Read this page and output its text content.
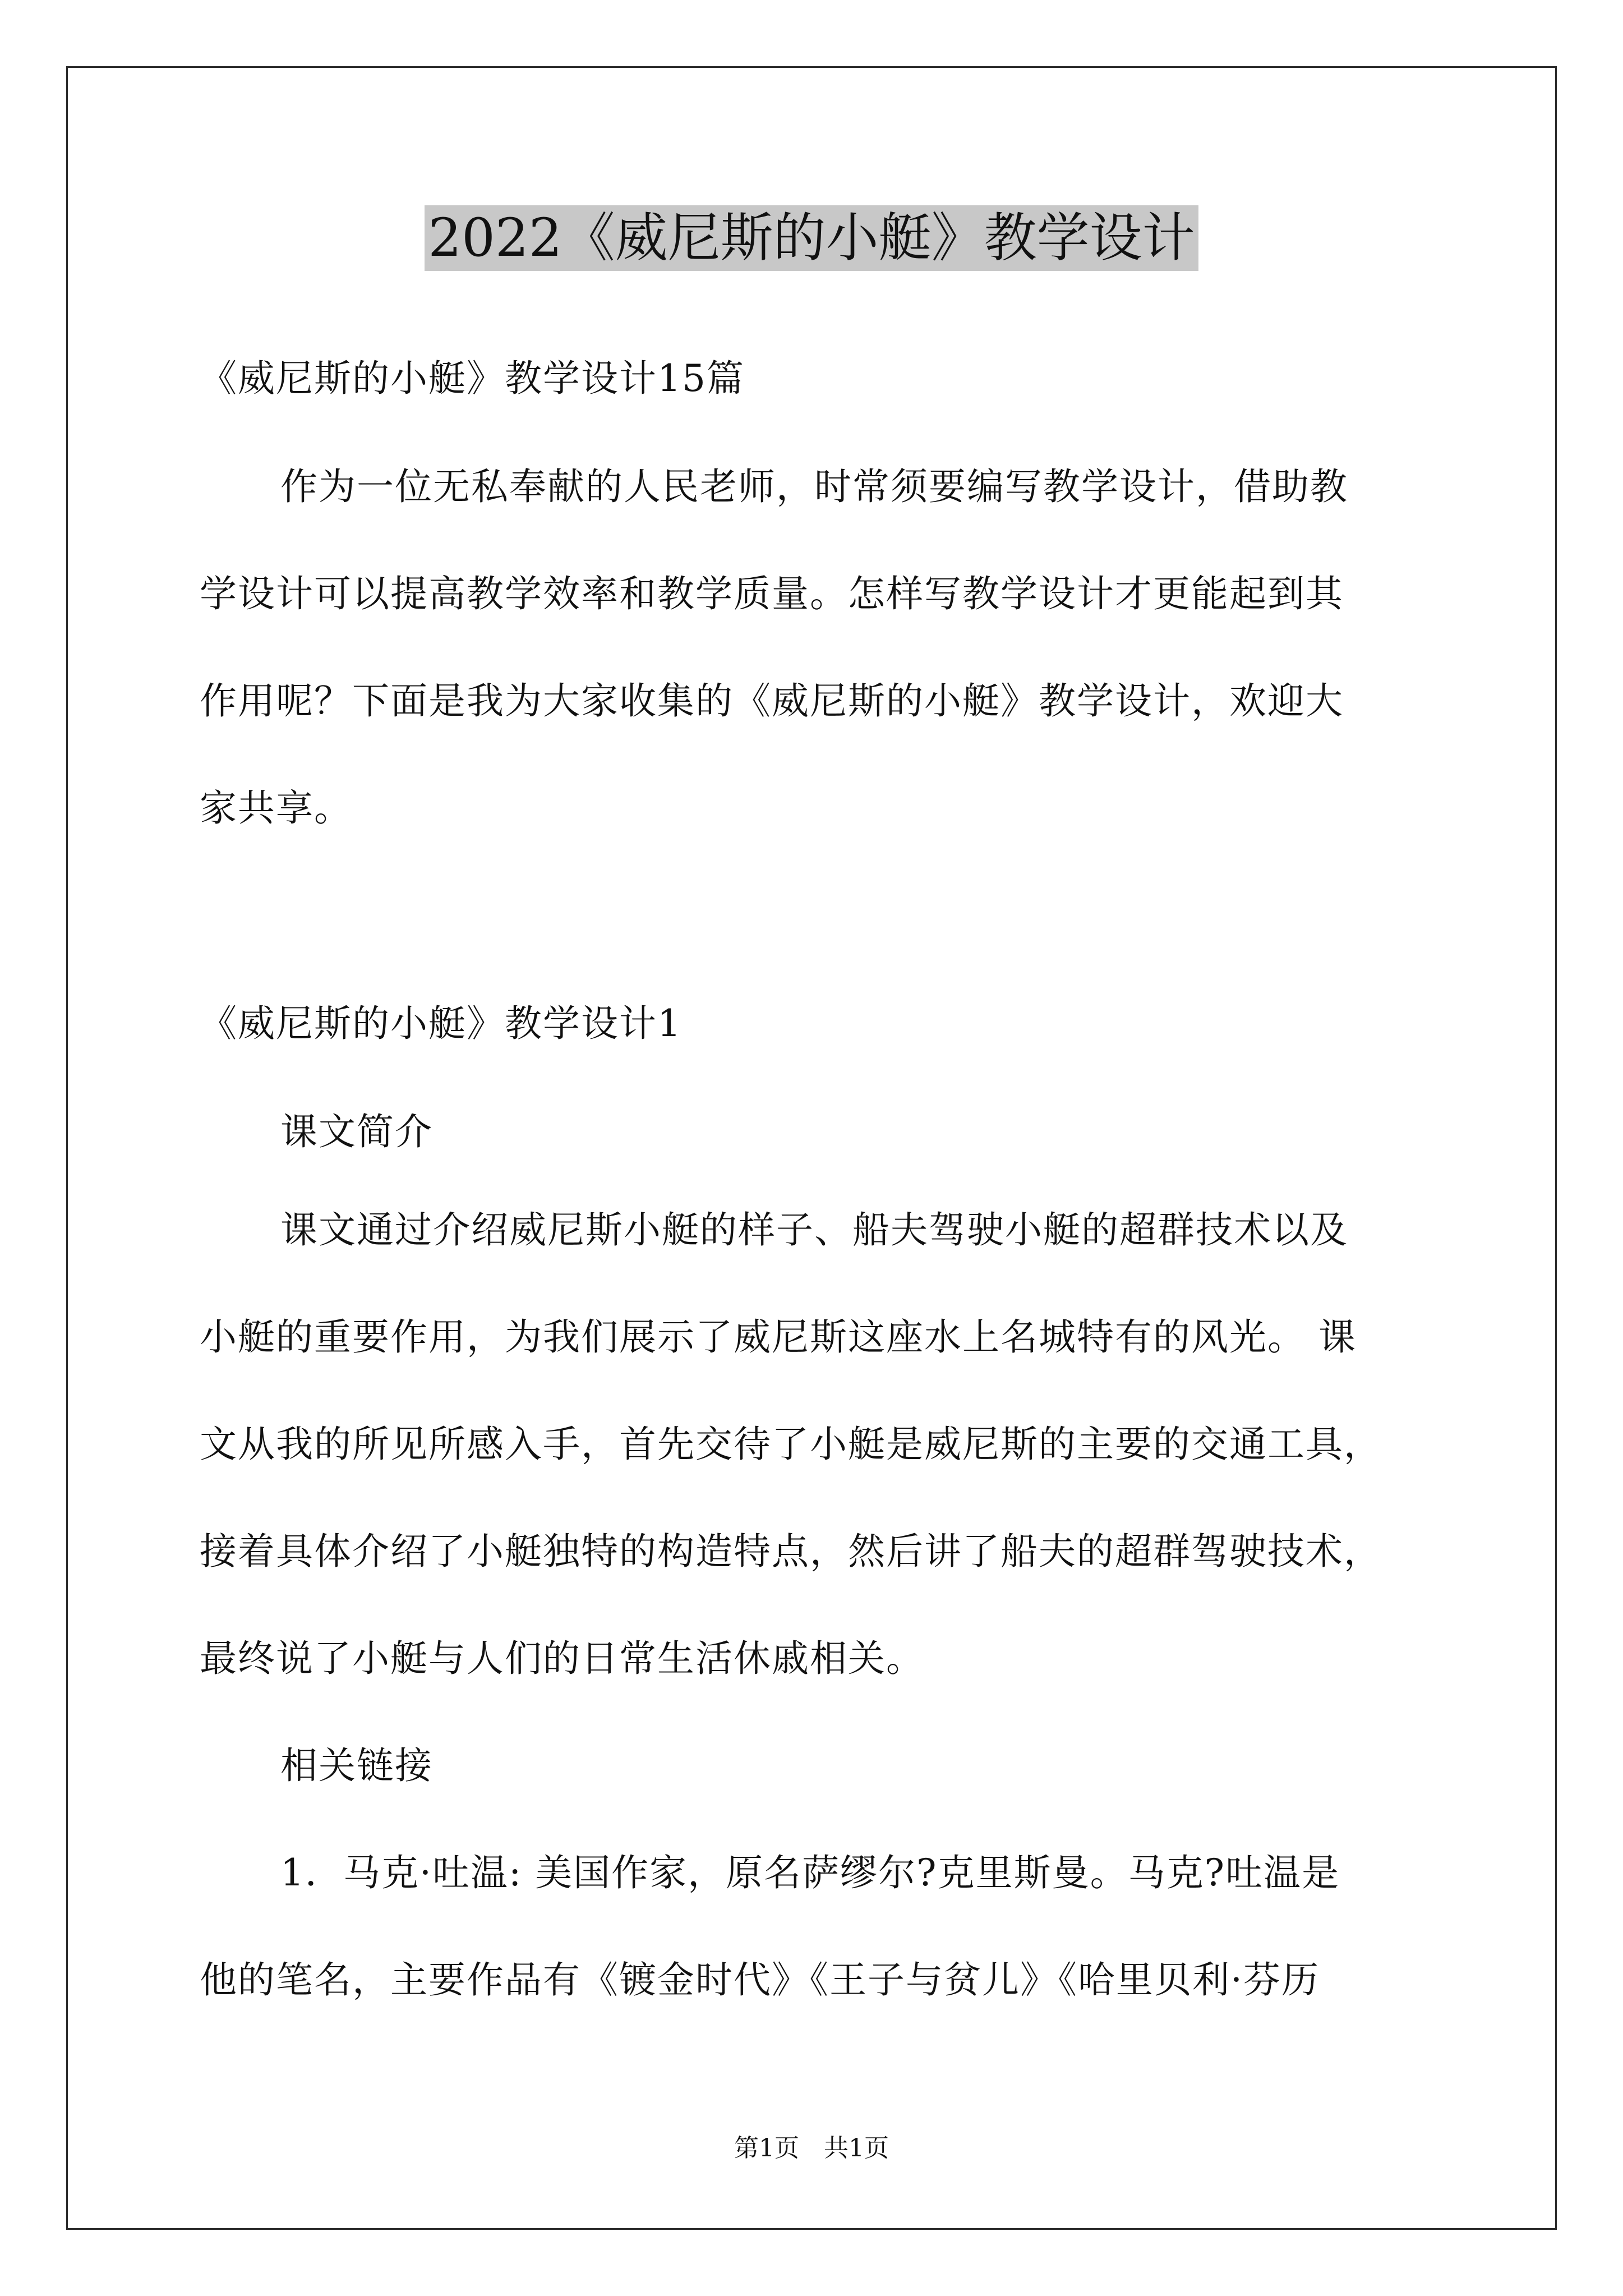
2022《威尼斯的小艇》教学设计
《威尼斯的小艇》教学设计15篇
作为一位无私奉献的人民老师，时常须要编写教学设计，借助教
学设计可以提高教学效率和教学质量。怎样写教学设计才更能起到其
作用呢？下面是我为大家收集的《威尼斯的小艇》教学设计，欢迎大
家共享。
《威尼斯的小艇》教学设计1
课文简介
课文通过介绍威尼斯小艇的样子、船夫驾驶小艇的超群技术以及
小艇的重要作用，为我们展示了威尼斯这座水上名城特有的风光。 课
文从我的所见所感入手，首先交待了小艇是威尼斯的主要的交通工具，
接着具体介绍了小艇独特的构造特点，然后讲了船夫的超群驾驶技术，
最终说了小艇与人们的日常生活休戚相关。
相关链接
1．马克·吐温: 美国作家，原名萨缪尔?克里斯曼。马克?吐温是
他的笔名，主要作品有《镀金时代》《王子与贫儿》《哈里贝利·芬历
第1页　共1页
